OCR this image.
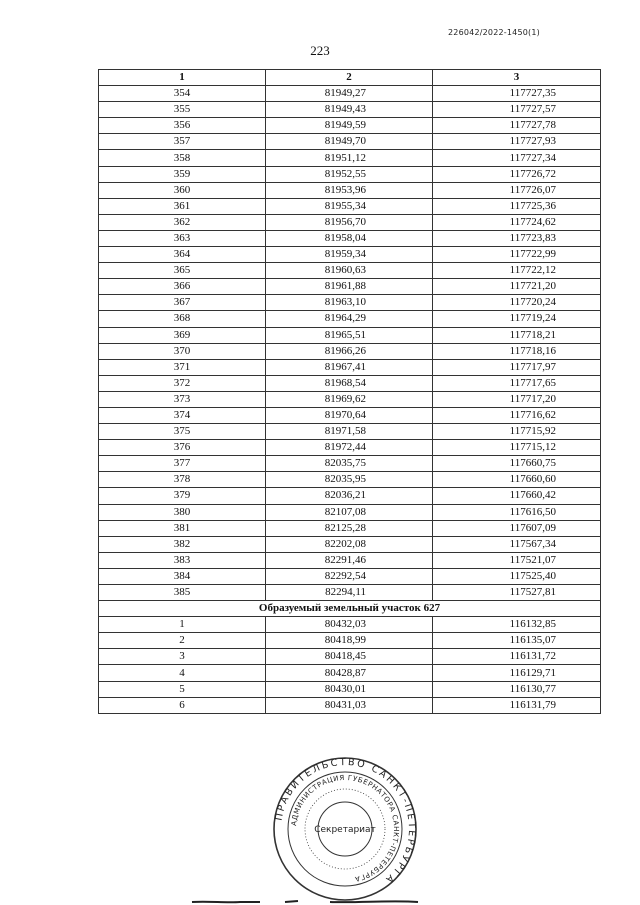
226042/2022-1450(1)
223
1	2	3
354	81949,27	117727,35
355	81949,43	117727,57
356	81949,59	117727,78
357	81949,70	117727,93
358	81951,12	117727,34
359	81952,55	117726,72
360	81953,96	117726,07
361	81955,34	117725,36
362	81956,70	117724,62
363	81958,04	117723,83
364	81959,34	117722,99
365	81960,63	117722,12
366	81961,88	117721,20
367	81963,10	117720,24
368	81964,29	117719,24
369	81965,51	117718,21
370	81966,26	117718,16
371	81967,41	117717,97
372	81968,54	117717,65
373	81969,62	117717,20
374	81970,64	117716,62
375	81971,58	117715,92
376	81972,44	117715,12
377	82035,75	117660,75
378	82035,95	117660,60
379	82036,21	117660,42
380	82107,08	117616,50
381	82125,28	117607,09
382	82202,08	117567,34
383	82291,46	117521,07
384	82292,54	117525,40
385	82294,11	117527,81
Образуемый земельный участок 627		
1	80432,03	116132,85
2	80418,99	116135,07
3	80418,45	116131,72
4	80428,87	116129,71
5	80430,01	116130,77
6	80431,03	116131,79
ПРАВИТЕЛЬСТВО САНКТ-ПЕТЕРБУРГА
АДМИНИСТРАЦИЯ ГУБЕРНАТОРА САНКТ-ПЕТЕРБУРГА
Секретариат
